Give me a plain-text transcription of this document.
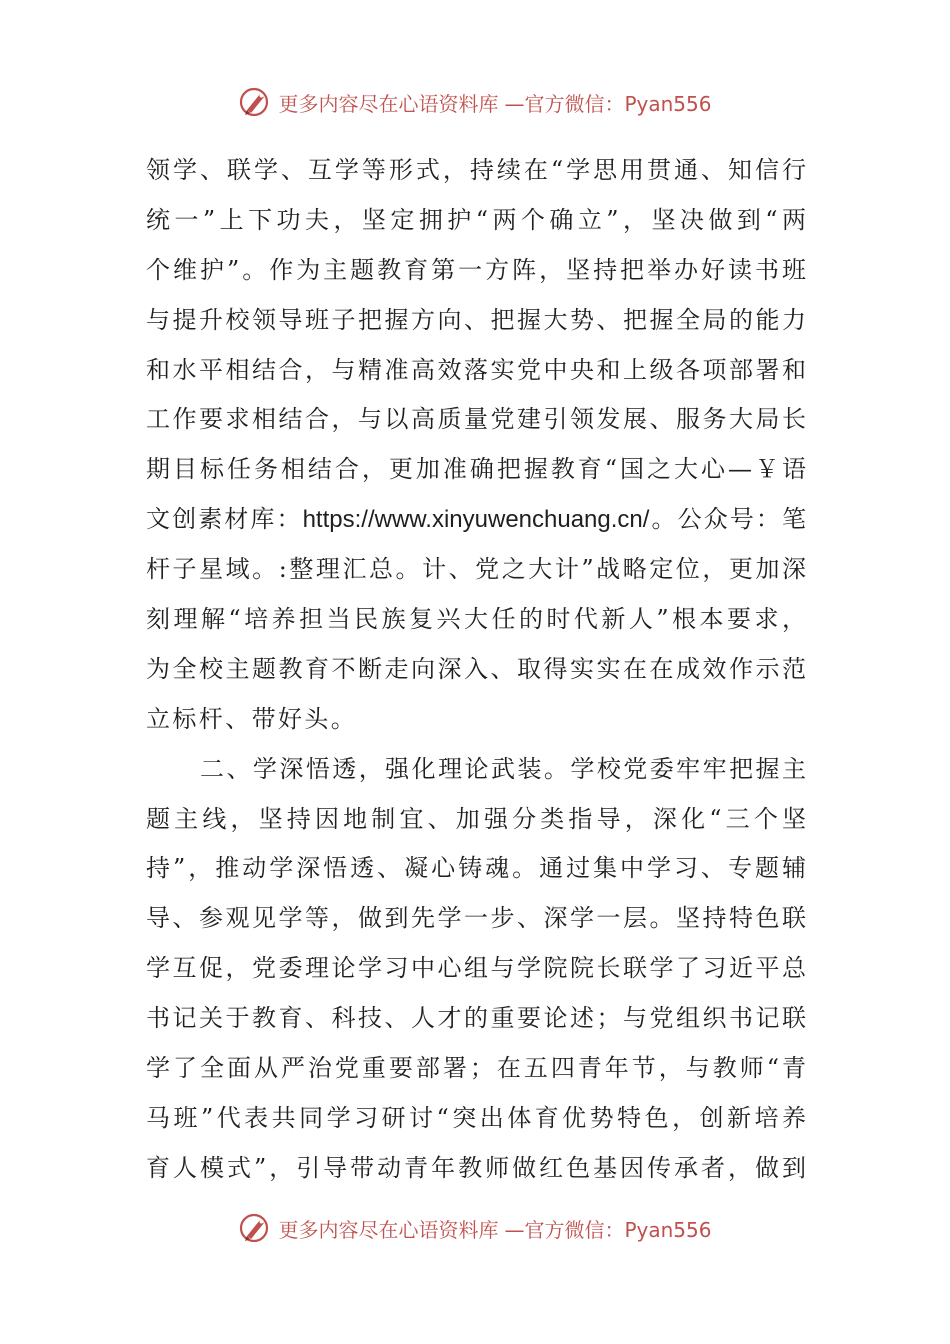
更多内容尽在心语资料库 —官方微信：Pyan556
领学、联学、互学等形式，持续在“学思用贯通、知信行
统一”上下功夫，坚定拥护“两个确立”，坚决做到“两
个维护”。作为主题教育第一方阵，坚持把举办好读书班
与提升校领导班子把握方向、把握大势、把握全局的能力
和水平相结合，与精准高效落实党中央和上级各项部署和
工作要求相结合，与以高质量党建引领发展、服务大局长
期目标任务相结合，更加准确把握教育“国之大心—￥语
文创素材库：https://www.xinyuwenchuang.cn/。公众号：笔
杆子星域。:整理汇总。计、党之大计”战略定位，更加深
刻理解“培养担当民族复兴大任的时代新人”根本要求，
为全校主题教育不断走向深入、取得实实在在成效作示范
立标杆、带好头。
二、学深悟透，强化理论武装。学校党委牢牢把握主
题主线，坚持因地制宜、加强分类指导，深化“三个坚
持”，推动学深悟透、凝心铸魂。通过集中学习、专题辅
导、参观见学等，做到先学一步、深学一层。坚持特色联
学互促，党委理论学习中心组与学院院长联学了习近平总
书记关于教育、科技、人才的重要论述；与党组织书记联
学了全面从严治党重要部署；在五四青年节，与教师“青
马班”代表共同学习研讨“突出体育优势特色，创新培养
育人模式”，引导带动青年教师做红色基因传承者，做到
更多内容尽在心语资料库 —官方微信：Pyan556
